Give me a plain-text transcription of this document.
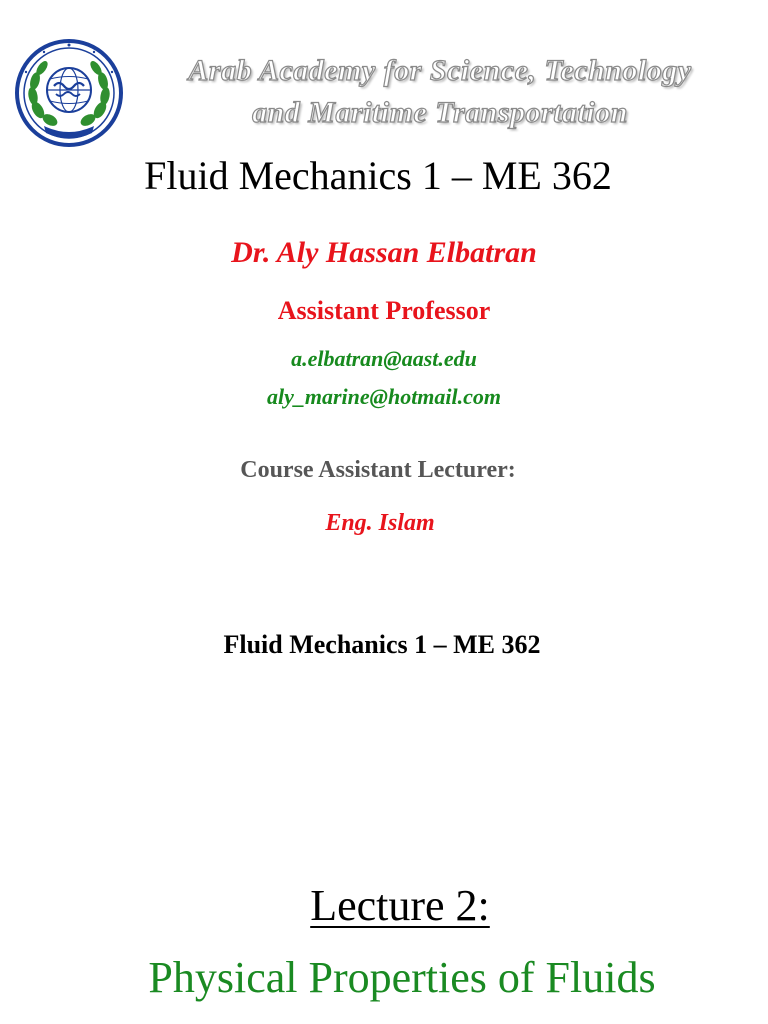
Arab Academy for Science, Technology
and Maritime Transportation
Fluid Mechanics 1 – ME 362
Dr. Aly Hassan Elbatran
Assistant Professor
a.elbatran@aast.edu
aly_marine@hotmail.com
Course Assistant Lecturer:
Eng. Islam
Fluid Mechanics 1 – ME 362
Lecture 2:
Physical Properties of Fluids
